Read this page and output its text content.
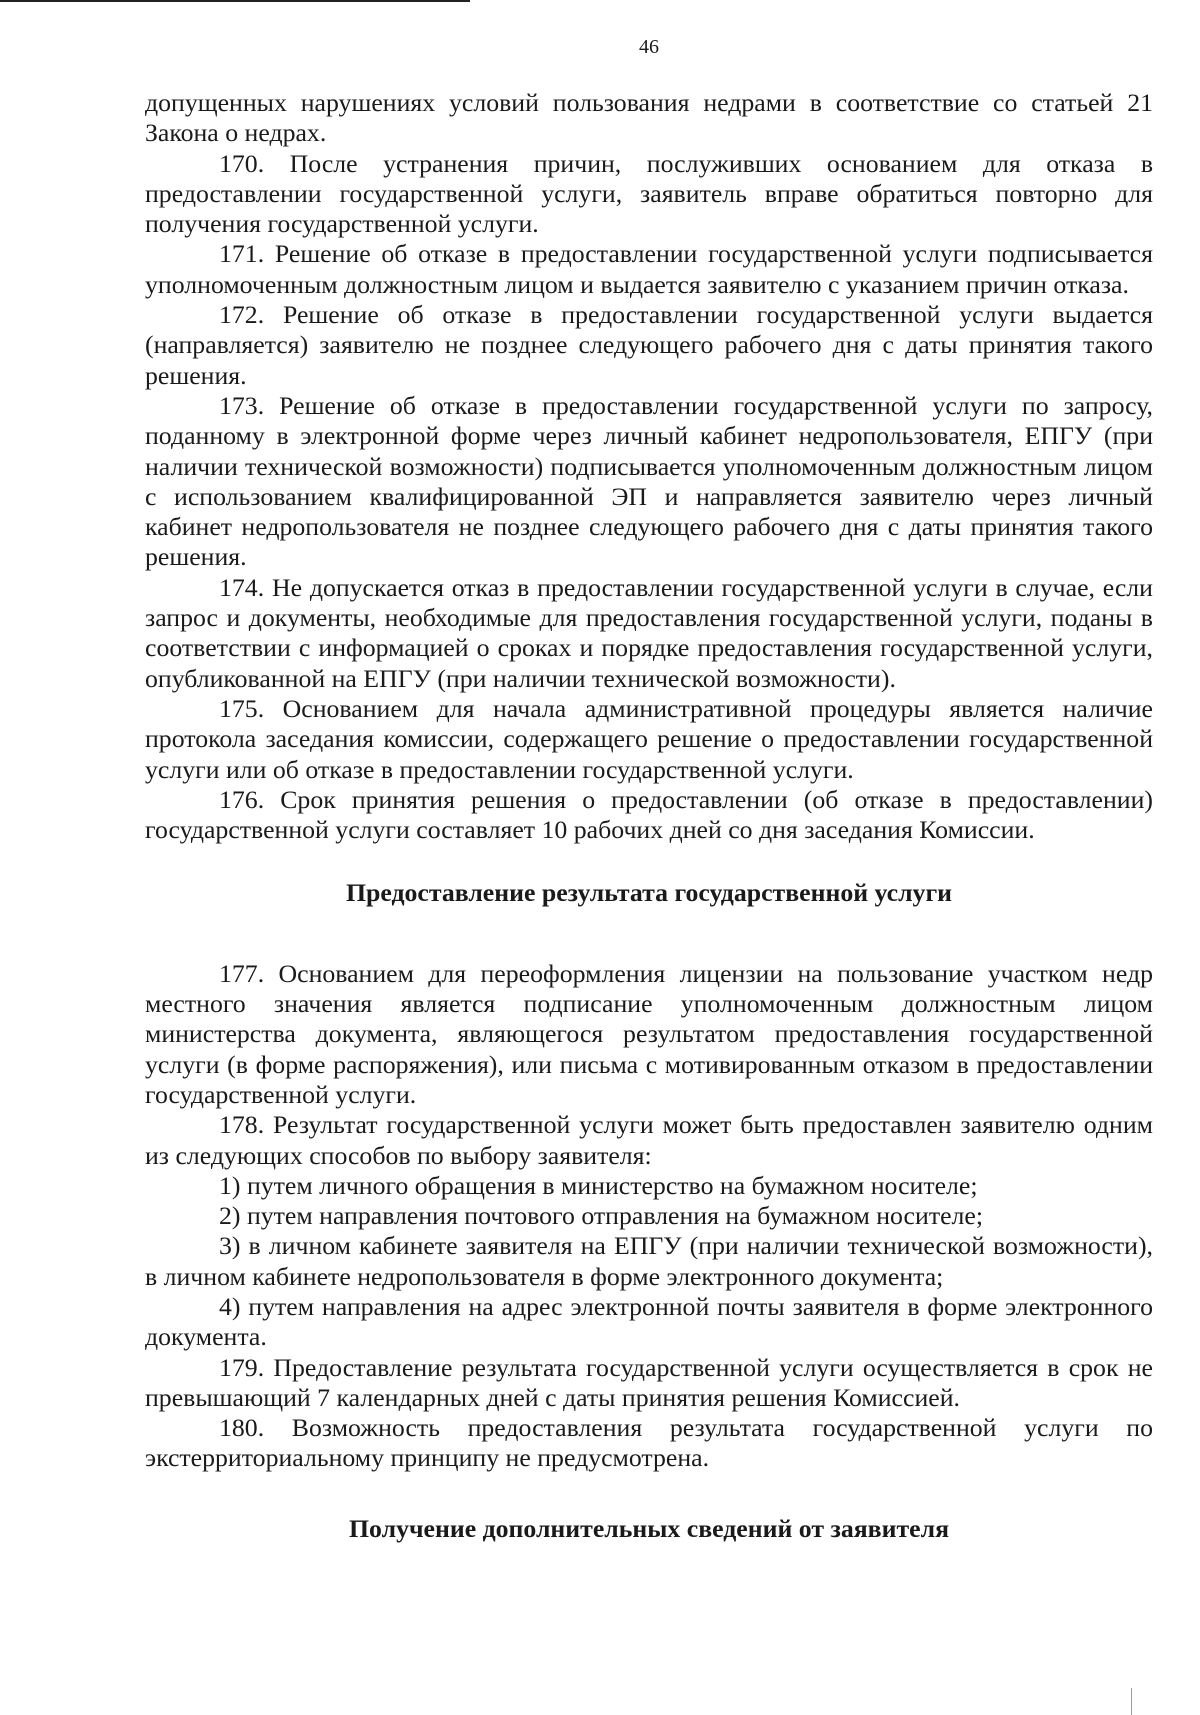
46

допущенных нарушениях условий пользования недрами в соответствие со статьей 21 Закона о недрах.

170. После устранения причин, послуживших основанием для отказа в предоставлении государственной услуги, заявитель вправе обратиться повторно для получения государственной услуги.

171. Решение об отказе в предоставлении государственной услуги подписывается уполномоченным должностным лицом и выдается заявителю с указанием причин отказа.

172. Решение об отказе в предоставлении государственной услуги выдается (направляется) заявителю не позднее следующего рабочего дня с даты принятия такого решения.

173. Решение об отказе в предоставлении государственной услуги по запросу, поданному в электронной форме через личный кабинет недропользователя, ЕПГУ (при наличии технической возможности) подписывается уполномоченным должностным лицом с использованием квалифицированной ЭП и направляется заявителю через личный кабинет недропользователя не позднее следующего рабочего дня с даты принятия такого решения.

174. Не допускается отказ в предоставлении государственной услуги в случае, если запрос и документы, необходимые для предоставления государственной услуги, поданы в соответствии с информацией о сроках и порядке предоставления государственной услуги, опубликованной на ЕПГУ (при наличии технической возможности).

175. Основанием для начала административной процедуры является наличие протокола заседания комиссии, содержащего решение о предоставлении государственной услуги или об отказе в предоставлении государственной услуги.

176. Срок принятия решения о предоставлении (об отказе в предоставлении) государственной услуги составляет 10 рабочих дней со дня заседания Комиссии.

Предоставление результата государственной услуги

177. Основанием для переоформления лицензии на пользование участком недр местного значения является подписание уполномоченным должностным лицом министерства документа, являющегося результатом предоставления государственной услуги (в форме распоряжения), или письма с мотивированным отказом в предоставлении государственной услуги.

178. Результат государственной услуги может быть предоставлен заявителю одним из следующих способов по выбору заявителя:

1) путем личного обращения в министерство на бумажном носителе;

2) путем направления почтового отправления на бумажном носителе;

3) в личном кабинете заявителя на ЕПГУ (при наличии технической возможности), в личном кабинете недропользователя в форме электронного документа;

4) путем направления на адрес электронной почты заявителя в форме электронного документа.

179. Предоставление результата государственной услуги осуществляется в срок не превышающий 7 календарных дней с даты принятия решения Комиссией.

180. Возможность предоставления результата государственной услуги по экстерриториальному принципу не предусмотрена.

Получение дополнительных сведений от заявителя
